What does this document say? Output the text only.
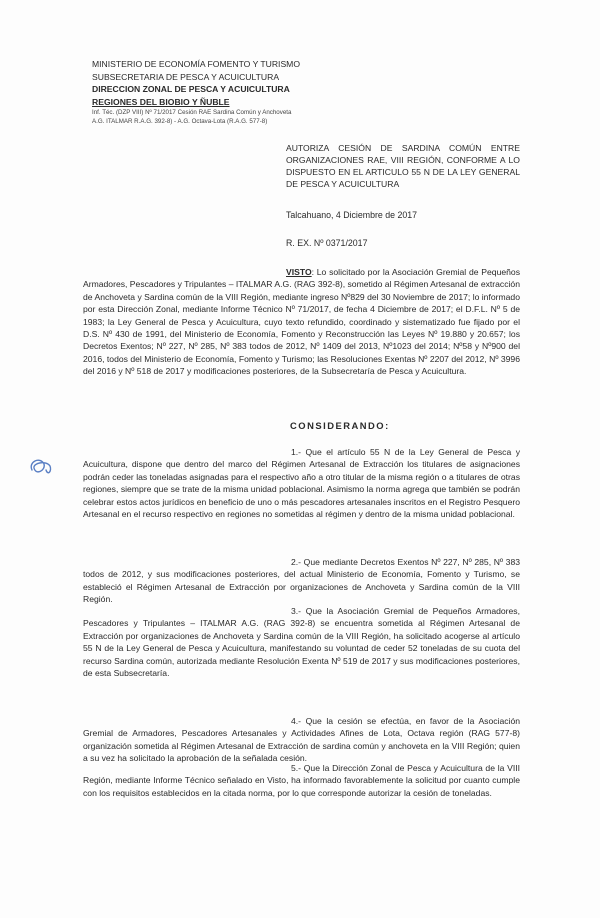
MINISTERIO DE ECONOMÍA FOMENTO Y TURISMO
SUBSECRETARIA DE PESCA Y ACUICULTURA
DIRECCION ZONAL DE PESCA Y ACUICULTURA
REGIONES DEL BIOBIO Y ÑUBLE
Inf. Téc. (DZP VIII) Nº 71/2017 Cesión RAE Sardina Común y Anchoveta
A.G. ITALMAR R.A.G. 392-8) - A.G. Octava-Lota (R.A.G. 577-8)
AUTORIZA CESIÓN DE SARDINA COMÚN ENTRE ORGANIZACIONES RAE, VIII REGIÓN, CONFORME A LO DISPUESTO EN EL ARTICULO 55 N DE LA LEY GENERAL DE PESCA Y ACUICULTURA
Talcahuano, 4 Diciembre de 2017
R. EX. Nº 0371/2017
VISTO: Lo solicitado por la Asociación Gremial de Pequeños Armadores, Pescadores y Tripulantes – ITALMAR A.G. (RAG 392-8), sometido al Régimen Artesanal de extracción de Anchoveta y Sardina común de la VIII Región, mediante ingreso Nº829 del 30 Noviembre de 2017; lo informado por esta Dirección Zonal, mediante Informe Técnico Nº 71/2017, de fecha 4 Diciembre de 2017; el D.F.L. Nº 5 de 1983; la Ley General de Pesca y Acuicultura, cuyo texto refundido, coordinado y sistematizado fue fijado por el D.S. Nº 430 de 1991, del Ministerio de Economía, Fomento y Reconstrucción las Leyes Nº 19.880 y 20.657; los Decretos Exentos; Nº 227, Nº 285, Nº 383 todos de 2012, Nº 1409 del 2013, Nº1023 del 2014; Nº58 y Nº900 del 2016, todos del Ministerio de Economía, Fomento y Turismo; las Resoluciones Exentas Nº 2207 del 2012, Nº 3996 del 2016 y Nº 518 de 2017 y modificaciones posteriores, de la Subsecretaría de Pesca y Acuicultura.
CONSIDERANDO:
1.- Que el artículo 55 N de la Ley General de Pesca y Acuicultura, dispone que dentro del marco del Régimen Artesanal de Extracción los titulares de asignaciones podrán ceder las toneladas asignadas para el respectivo año a otro titular de la misma región o a titulares de otras regiones, siempre que se trate de la misma unidad poblacional. Asimismo la norma agrega que también se podrán celebrar estos actos jurídicos en beneficio de uno o más pescadores artesanales inscritos en el Registro Pesquero Artesanal en el recurso respectivo en regiones no sometidas al régimen y dentro de la misma unidad poblacional.
2.- Que mediante Decretos Exentos Nº 227, Nº 285, Nº 383 todos de 2012, y sus modificaciones posteriores, del actual Ministerio de Economía, Fomento y Turismo, se estableció el Régimen Artesanal de Extracción por organizaciones de Anchoveta y Sardina común de la VIII Región.
3.- Que la Asociación Gremial de Pequeños Armadores, Pescadores y Tripulantes – ITALMAR A.G. (RAG 392-8) se encuentra sometida al Régimen Artesanal de Extracción por organizaciones de Anchoveta y Sardina común de la VIII Región, ha solicitado acogerse al artículo 55 N de la Ley General de Pesca y Acuicultura, manifestando su voluntad de ceder 52 toneladas de su cuota del recurso Sardina común, autorizada mediante Resolución Exenta Nº 519 de 2017 y sus modificaciones posteriores, de esta Subsecretaría.
4.- Que la cesión se efectúa, en favor de la Asociación Gremial de Armadores, Pescadores Artesanales y Actividades Afines de Lota, Octava región (RAG 577-8) organización sometida al Régimen Artesanal de Extracción de sardina común y anchoveta en la VIII Región; quien a su vez ha solicitado la aprobación de la señalada cesión.
5.- Que la Dirección Zonal de Pesca y Acuicultura de la VIII Región, mediante Informe Técnico señalado en Visto, ha informado favorablemente la solicitud por cuanto cumple con los requisitos establecidos en la citada norma, por lo que corresponde autorizar la cesión de toneladas.
